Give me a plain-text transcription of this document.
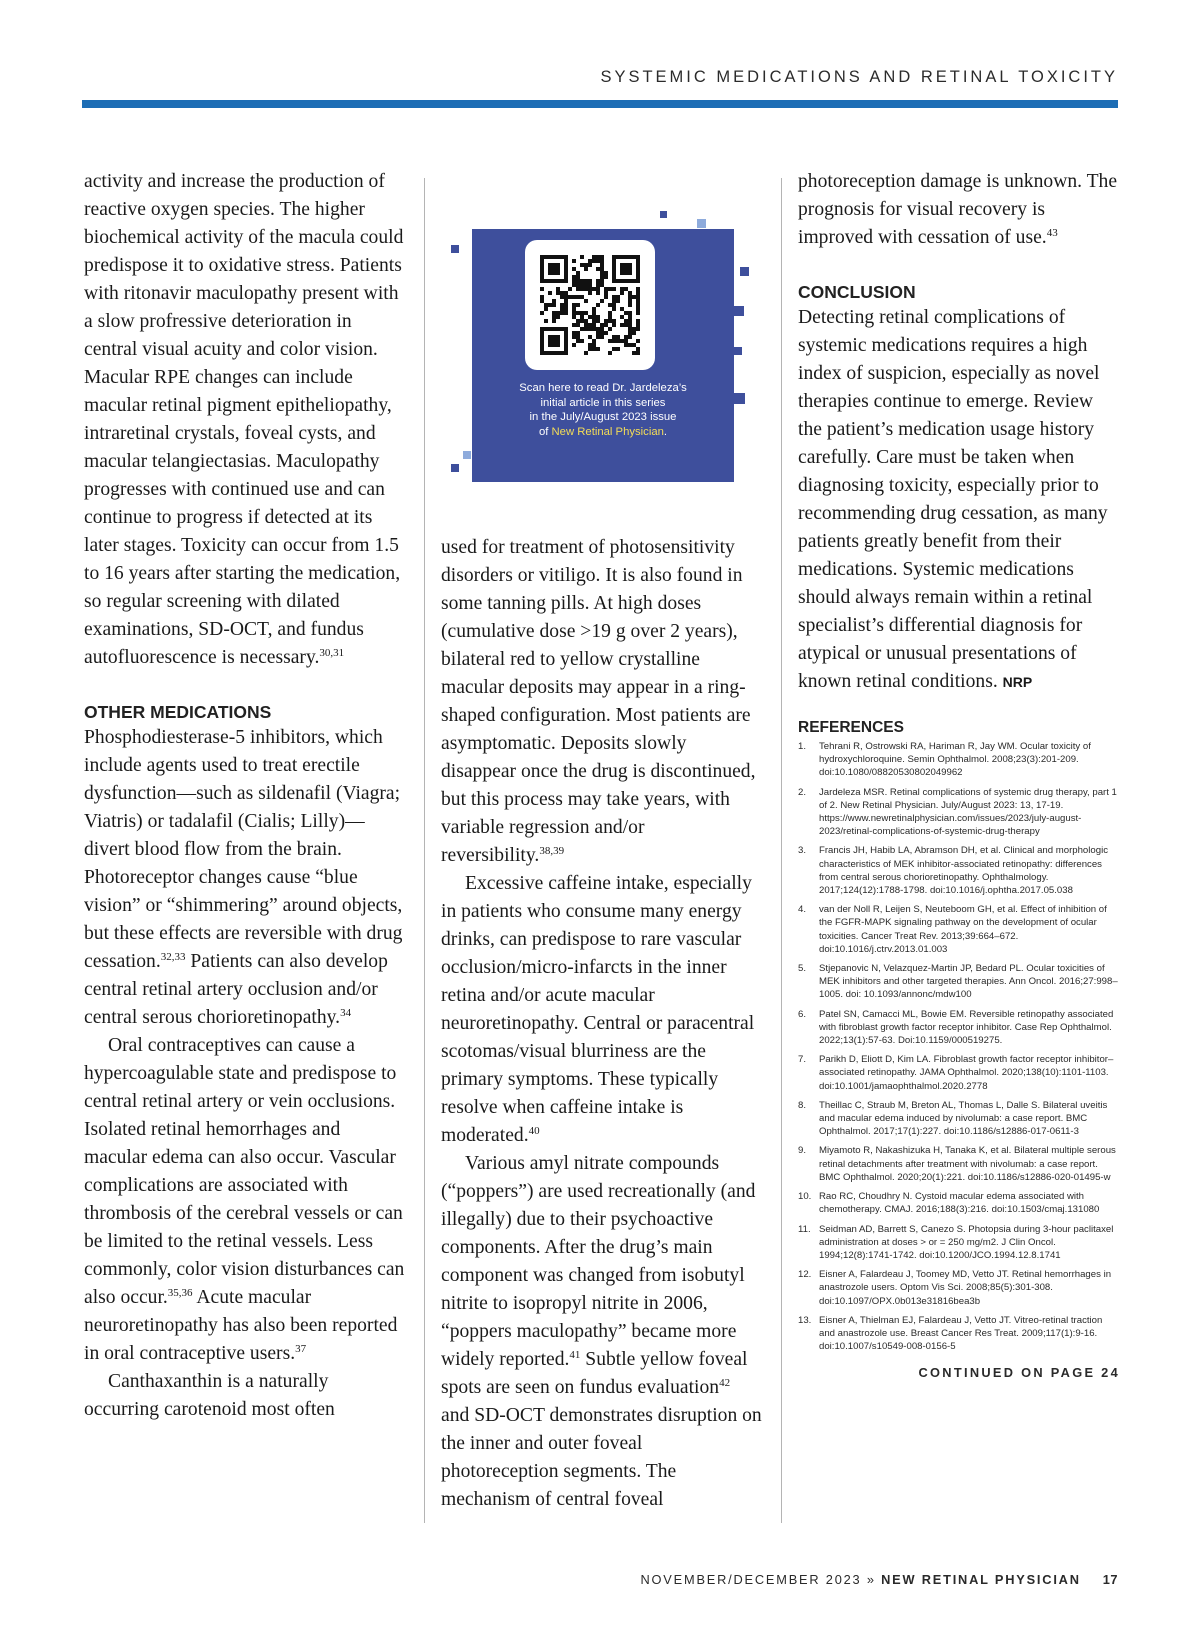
SYSTEMIC MEDICATIONS AND RETINAL TOXICITY

activity and increase the production of reactive oxygen species. The higher biochemical activity of the macula could predispose it to oxidative stress. Patients with ritonavir maculopathy present with a slow profressive deterioration in central visual acuity and color vision. Macular RPE changes can include macular retinal pigment epitheliopathy, intraretinal crystals, foveal cysts, and macular telangiectasias. Maculopathy progresses with continued use and can continue to progress if detected at its later stages. Toxicity can occur from 1.5 to 16 years after starting the medication, so regular screening with dilated examinations, SD-OCT, and fundus autofluorescence is necessary.$^{30,31}$

OTHER MEDICATIONS

Phosphodiesterase-5 inhibitors, which include agents used to treat erectile dysfunction—such as sildenafil (Viagra; Viatris) or tadalafil (Cialis; Lilly)—divert blood flow from the brain. Photoreceptor changes cause “blue vision” or “shimmering” around objects, but these effects are reversible with drug cessation.$^{32,33}$ Patients can also develop central retinal artery occlusion and/or central serous chorioretinopathy.$^{34}$

Oral contraceptives can cause a hypercoagulable state and predispose to central retinal artery or vein occlusions. Isolated retinal hemorrhages and macular edema can also occur. Vascular complications are associated with thrombosis of the cerebral vessels or can be limited to the retinal vessels. Less commonly, color vision disturbances can also occur.$^{35,36}$ Acute macular neuroretinopathy has also been reported in oral contraceptive users.$^{37}$

Canthaxanthin is a naturally occurring carotenoid most often

Scan here to read Dr. Jardeleza’s
initial article in this series
in the July/August 2023 issue
of New Retinal Physician.

used for treatment of photosensitivity disorders or vitiligo. It is also found in some tanning pills. At high doses (cumulative dose >19 g over 2 years), bilateral red to yellow crystalline macular deposits may appear in a ring-shaped configuration. Most patients are asymptomatic. Deposits slowly disappear once the drug is discontinued, but this process may take years, with variable regression and/or reversibility.$^{38,39}$

Excessive caffeine intake, especially in patients who consume many energy drinks, can predispose to rare vascular occlusion/micro-infarcts in the inner retina and/or acute macular neuroretinopathy. Central or paracentral scotomas/visual blurriness are the primary symptoms. These typically resolve when caffeine intake is moderated.$^{40}$

Various amyl nitrate compounds (“poppers”) are used recreationally (and illegally) due to their psychoactive components. After the drug’s main component was changed from isobutyl nitrite to isopropyl nitrite in 2006, “poppers maculopathy” became more widely reported.$^{41}$ Subtle yellow foveal spots are seen on fundus evaluation$^{42}$ and SD-OCT demonstrates disruption on the inner and outer foveal photoreception segments. The mechanism of central foveal

photoreception damage is unknown. The prognosis for visual recovery is improved with cessation of use.$^{43}$

CONCLUSION

Detecting retinal complications of systemic medications requires a high index of suspicion, especially as novel therapies continue to emerge. Review the patient’s medication usage history carefully. Care must be taken when diagnosing toxicity, especially prior to recommending drug cessation, as many patients greatly benefit from their medications. Systemic medications should always remain within a retinal specialist’s differential diagnosis for atypical or unusual presentations of known retinal conditions. NRP

REFERENCES
1.	Tehrani R, Ostrowski RA, Hariman R, Jay WM. Ocular toxicity of hydroxychloroquine. Semin Ophthalmol. 2008;23(3):201-209. doi:10.1080/08820530802049962
2.	Jardeleza MSR. Retinal complications of systemic drug therapy, part 1 of 2. New Retinal Physician. July/August 2023: 13, 17-19. https://www.newretinalphysician.com/issues/2023/july-august-2023/retinal-complications-of-systemic-drug-therapy
3.	Francis JH, Habib LA, Abramson DH, et al. Clinical and morphologic characteristics of MEK inhibitor-associated retinopathy: differences from central serous chorioretinopathy. Ophthalmology. 2017;124(12):1788-1798. doi:10.1016/j.ophtha.2017.05.038
4.	van der Noll R, Leijen S, Neuteboom GH, et al. Effect of inhibition of the FGFR-MAPK signaling pathway on the development of ocular toxicities. Cancer Treat Rev. 2013;39:664–672. doi:10.1016/j.ctrv.2013.01.003
5.	Stjepanovic N, Velazquez-Martin JP, Bedard PL. Ocular toxicities of MEK inhibitors and other targeted therapies. Ann Oncol. 2016;27:998–1005. doi: 10.1093/annonc/mdw100
6.	Patel SN, Camacci ML, Bowie EM. Reversible retinopathy associated with fibroblast growth factor receptor inhibitor. Case Rep Ophthalmol. 2022;13(1):57-63. Doi:10.1159/000519275.
7.	Parikh D, Eliott D, Kim LA. Fibroblast growth factor receptor inhibitor–associated retinopathy. JAMA Ophthalmol. 2020;138(10):1101-1103. doi:10.1001/jamaophthalmol.2020.2778
8.	Theillac C, Straub M, Breton AL, Thomas L, Dalle S. Bilateral uveitis and macular edema induced by nivolumab: a case report. BMC Ophthalmol. 2017;17(1):227. doi:10.1186/s12886-017-0611-3
9.	Miyamoto R, Nakashizuka H, Tanaka K, et al. Bilateral multiple serous retinal detachments after treatment with nivolumab: a case report. BMC Ophthalmol. 2020;20(1):221. doi:10.1186/s12886-020-01495-w
10. Rao RC, Choudhry N. Cystoid macular edema associated with chemotherapy. CMAJ. 2016;188(3):216. doi:10.1503/cmaj.131080
11. Seidman AD, Barrett S, Canezo S. Photopsia during 3-hour paclitaxel administration at doses > or = 250 mg/m2. J Clin Oncol. 1994;12(8):1741-1742. doi:10.1200/JCO.1994.12.8.1741
12. Eisner A, Falardeau J, Toomey MD, Vetto JT. Retinal hemorrhages in anastrozole users. Optom Vis Sci. 2008;85(5):301-308. doi:10.1097/OPX.0b013e31816bea3b
13. Eisner A, Thielman EJ, Falardeau J, Vetto JT. Vitreo-retinal traction and anastrozole use. Breast Cancer Res Treat. 2009;117(1):9-16. doi:10.1007/s10549-008-0156-5
CONTINUED ON PAGE 24
NOVEMBER/DECEMBER 2023 » NEW RETINAL PHYSICIAN 17
